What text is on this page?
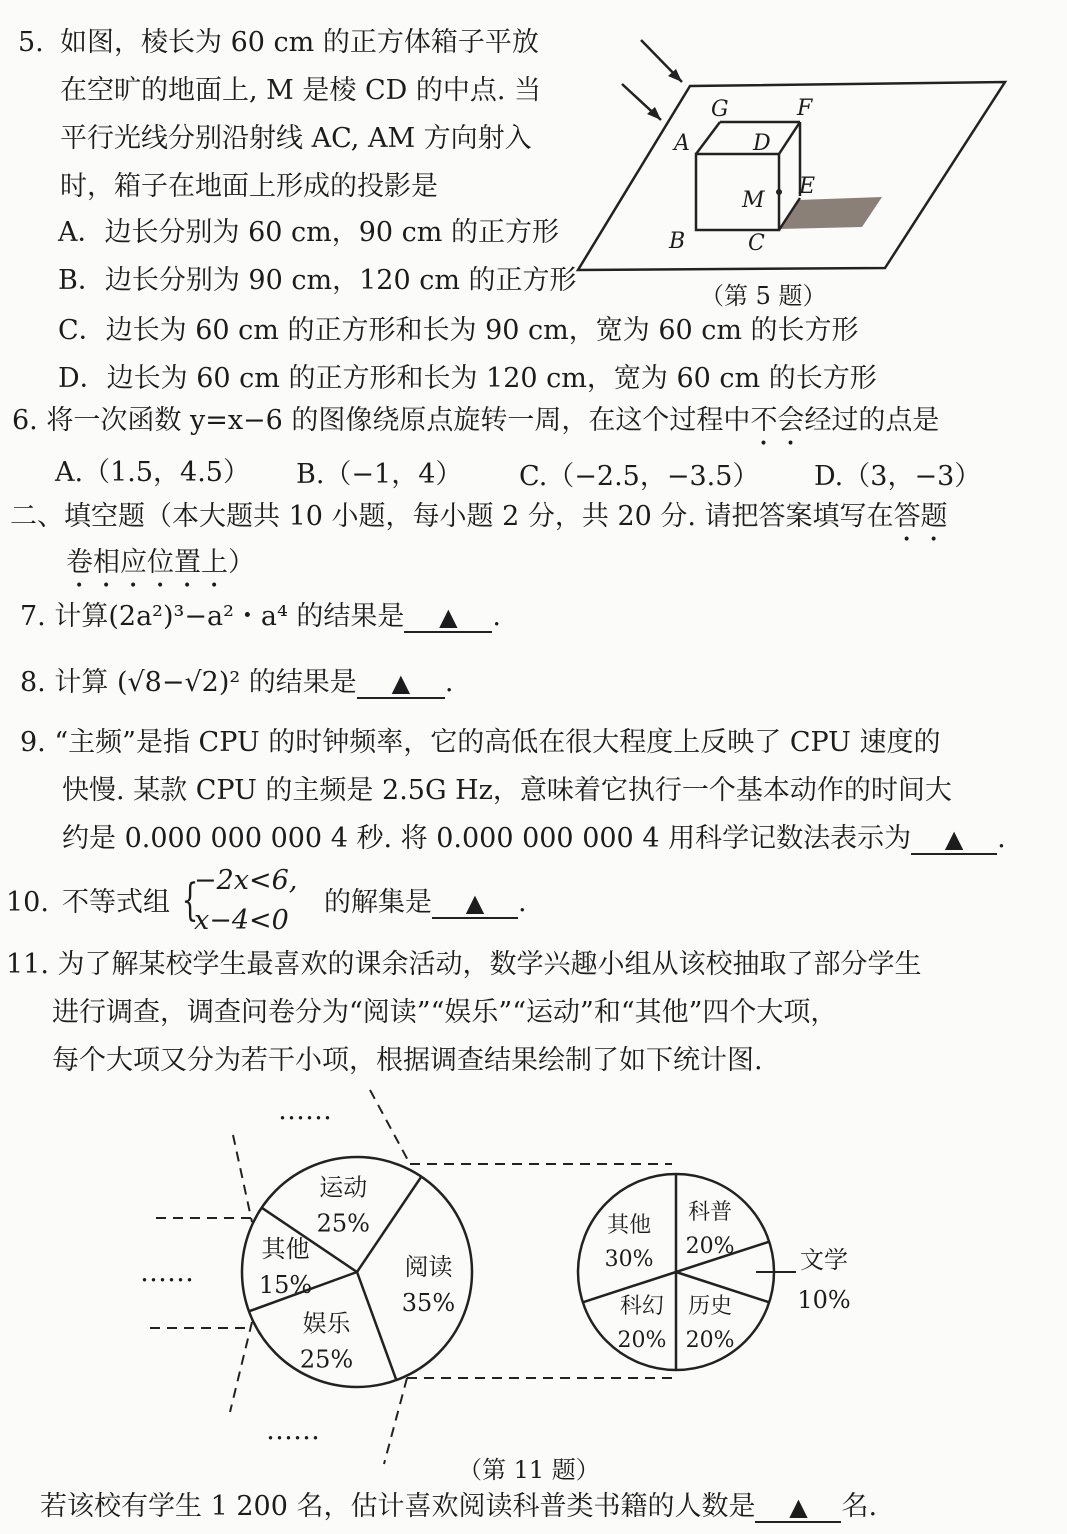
5. 如图，棱长为 60 cm 的正方体箱子平放
在空旷的地面上, M 是棱 CD 的中点. 当
平行光线分别沿射线 AC, AM 方向射入
时，箱子在地面上形成的投影是
A．边长分别为 60 cm，90 cm 的正方形
B．边长分别为 90 cm，120 cm 的正方形
C．边长为 60 cm 的正方形和长为 90 cm，宽为 60 cm 的长方形
D．边长为 60 cm 的正方形和长为 120 cm，宽为 60 cm 的长方形
G	F
A	D
M
E
B	C
（第 5 题）
6. 将一次函数 y=x−6 的图像绕原点旋转一周，在这个过程中不会经过的点是
A.（1.5，4.5） B.（−1，4） C.（−2.5，−3.5） D.（3，−3）
二、填空题（本大题共 10 小题，每小题 2 分，共 20 分. 请把答案填写在答题
卷相应位置上）
7. 计算(2a²)³−a²・a⁴ 的结果是 ▲ .
8. 计算 (√8−√2)² 的结果是 ▲ .
9. “主频”是指 CPU 的时钟频率，它的高低在很大程度上反映了 CPU 速度的
快慢. 某款 CPU 的主频是 2.5G Hz，意味着它执行一个基本动作的时间大
约是 0.000 000 000 4 秒. 将 0.000 000 000 4 用科学记数法表示为 ▲ .
10. 不等式组 {
−2x<6,
x−4<0
的解集是 ▲ .
11. 为了解某校学生最喜欢的课余活动，数学兴趣小组从该校抽取了部分学生
进行调查，调查问卷分为“阅读”“娱乐”“运动”和“其他”四个大项，
每个大项又分为若干小项，根据调查结果绘制了如下统计图.
阅读
35%
娱乐
25%
其他
15%
运动
25%	科普
20%
历史
20%
科幻
20%
其他
30%	文学
10%
……
……
……
（第 11 题）
若该校有学生 1 200 名，估计喜欢阅读科普类书籍的人数是 ▲ 名.
